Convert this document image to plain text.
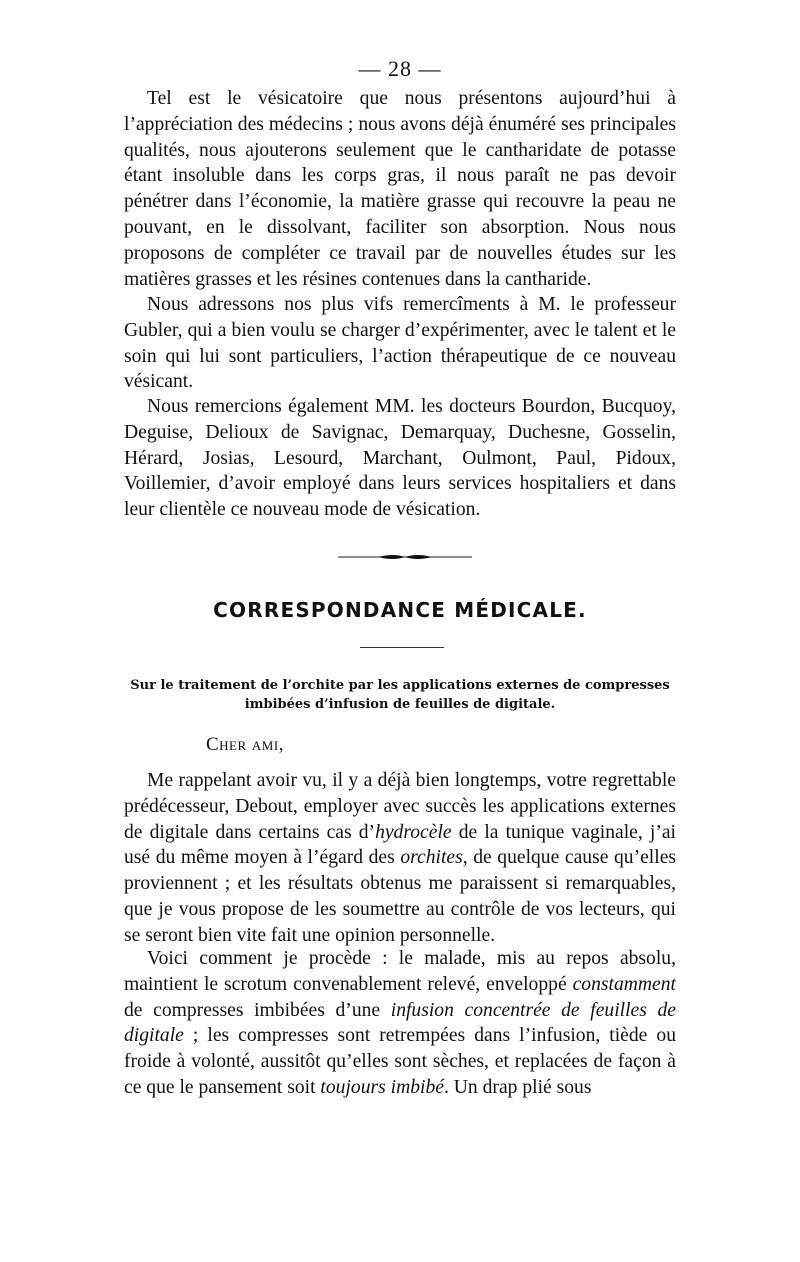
— 28 —

Tel est le vésicatoire que nous présentons aujourd’hui à l’appréciation des médecins ; nous avons déjà énuméré ses principales qualités, nous ajouterons seulement que le cantharidate de potasse étant insoluble dans les corps gras, il nous paraît ne pas devoir pénétrer dans l’économie, la matière grasse qui recouvre la peau ne pouvant, en le dissolvant, faciliter son absorption. Nous nous proposons de compléter ce travail par de nouvelles études sur les matières grasses et les résines contenues dans la cantharide.

Nous adressons nos plus vifs remercîments à M. le professeur Gubler, qui a bien voulu se charger d’expérimenter, avec le talent et le soin qui lui sont particuliers, l’action thérapeutique de ce nouveau vésicant.

Nous remercions également MM. les docteurs Bourdon, Bucquoy, Deguise, Delioux de Savignac, Demarquay, Duchesne, Gosselin, Hérard, Josias, Lesourd, Marchant, Oulmont, Paul, Pidoux, Voillemier, d’avoir employé dans leurs services hospitaliers et dans leur clientèle ce nouveau mode de vésication.

CORRESPONDANCE MÉDICALE.
Sur le traitement de l’orchite par les applications externes de compresses imbibées d’infusion de feuilles de digitale.
Cher ami,

Me rappelant avoir vu, il y a déjà bien longtemps, votre regrettable prédécesseur, Debout, employer avec succès les applications externes de digitale dans certains cas d’hydrocèle de la tunique vaginale, j’ai usé du même moyen à l’égard des orchites, de quelque cause qu’elles proviennent ; et les résultats obtenus me paraissent si remarquables, que je vous propose de les soumettre au contrôle de vos lecteurs, qui se seront bien vite fait une opinion personnelle.

Voici comment je procède : le malade, mis au repos absolu, maintient le scrotum convenablement relevé, enveloppé constamment de compresses imbibées d’une infusion concentrée de feuilles de digitale ; les compresses sont retrempées dans l’infusion, tiède ou froide à volonté, aussitôt qu’elles sont sèches, et replacées de façon à ce que le pansement soit toujours imbibé. Un drap plié sous
